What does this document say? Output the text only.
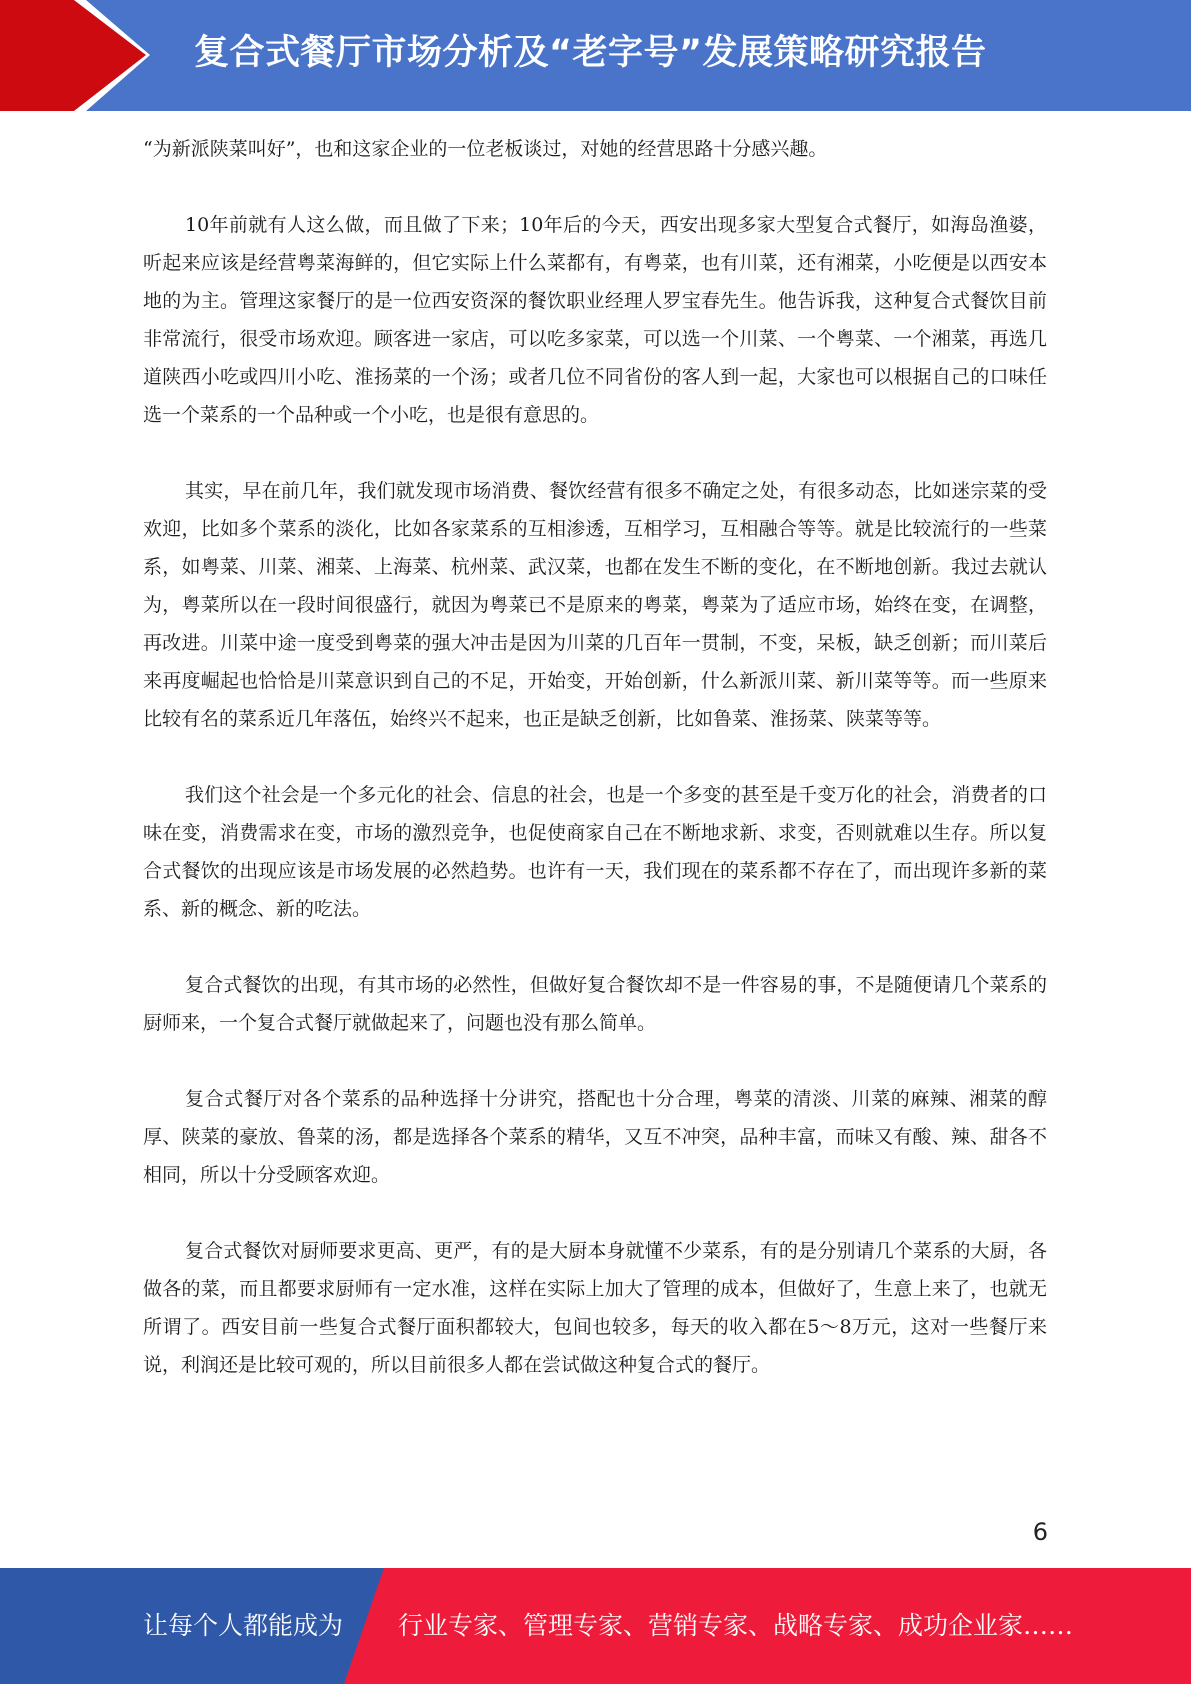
复合式餐厅市场分析及“老字号”发展策略研究报告

“为新派陕菜叫好”，也和这家企业的一位老板谈过，对她的经营思路十分感兴趣。

10年前就有人这么做，而且做了下来；10年后的今天，西安出现多家大型复合式餐厅，如海岛渔婆，听起来应该是经营粤菜海鲜的，但它实际上什么菜都有，有粤菜，也有川菜，还有湘菜，小吃便是以西安本地的为主。管理这家餐厅的是一位西安资深的餐饮职业经理人罗宝春先生。他告诉我，这种复合式餐饮目前非常流行，很受市场欢迎。顾客进一家店，可以吃多家菜，可以选一个川菜、一个粤菜、一个湘菜，再选几道陕西小吃或四川小吃、淮扬菜的一个汤；或者几位不同省份的客人到一起，大家也可以根据自己的口味任选一个菜系的一个品种或一个小吃，也是很有意思的。

其实，早在前几年，我们就发现市场消费、餐饮经营有很多不确定之处，有很多动态，比如迷宗菜的受欢迎，比如多个菜系的淡化，比如各家菜系的互相渗透，互相学习，互相融合等等。就是比较流行的一些菜系，如粤菜、川菜、湘菜、上海菜、杭州菜、武汉菜，也都在发生不断的变化，在不断地创新。我过去就认为，粤菜所以在一段时间很盛行，就因为粤菜已不是原来的粤菜，粤菜为了适应市场，始终在变，在调整，再改进。川菜中途一度受到粤菜的强大冲击是因为川菜的几百年一贯制，不变，呆板，缺乏创新；而川菜后来再度崛起也恰恰是川菜意识到自己的不足，开始变，开始创新，什么新派川菜、新川菜等等。而一些原来比较有名的菜系近几年落伍，始终兴不起来，也正是缺乏创新，比如鲁菜、淮扬菜、陕菜等等。

我们这个社会是一个多元化的社会、信息的社会，也是一个多变的甚至是千变万化的社会，消费者的口味在变，消费需求在变，市场的激烈竞争，也促使商家自己在不断地求新、求变，否则就难以生存。所以复合式餐饮的出现应该是市场发展的必然趋势。也许有一天，我们现在的菜系都不存在了，而出现许多新的菜系、新的概念、新的吃法。

复合式餐饮的出现，有其市场的必然性，但做好复合餐饮却不是一件容易的事，不是随便请几个菜系的厨师来，一个复合式餐厅就做起来了，问题也没有那么简单。

复合式餐厅对各个菜系的品种选择十分讲究，搭配也十分合理，粤菜的清淡、川菜的麻辣、湘菜的醇厚、陕菜的豪放、鲁菜的汤，都是选择各个菜系的精华，又互不冲突，品种丰富，而味又有酸、辣、甜各不相同，所以十分受顾客欢迎。

复合式餐饮对厨师要求更高、更严，有的是大厨本身就懂不少菜系，有的是分别请几个菜系的大厨，各做各的菜，而且都要求厨师有一定水准，这样在实际上加大了管理的成本，但做好了，生意上来了，也就无所谓了。西安目前一些复合式餐厅面积都较大，包间也较多，每天的收入都在5～8万元，这对一些餐厅来说，利润还是比较可观的，所以目前很多人都在尝试做这种复合式的餐厅。

6
让每个人都能成为 行业专家、管理专家、营销专家、战略专家、成功企业家……
